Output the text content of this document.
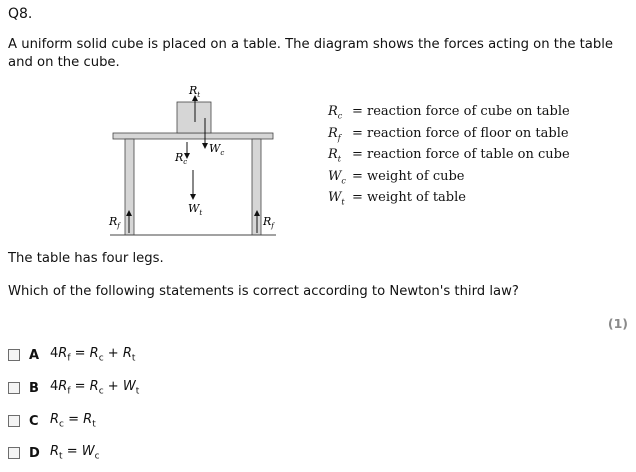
Q8.
A uniform solid cube is placed on a table. The diagram shows the forces acting on the table and on the cube.
$R_t$
$W_c$
$R_c$
$W_t$
$R_f$	$R_f$
$R_c$ = reaction force of cube on table
$R_f$ = reaction force of floor on table
$R_t$ = reaction force of table on cube
$W_c$ = weight of cube
$W_t$ = weight of table
The table has four legs.
Which of the following statements is correct according to Newton's third law?
(1)
A $4R_f = R_c + R_t$
B $4R_f = R_c + W_t$
C $R_c = R_t$
D $R_t = W_c$
